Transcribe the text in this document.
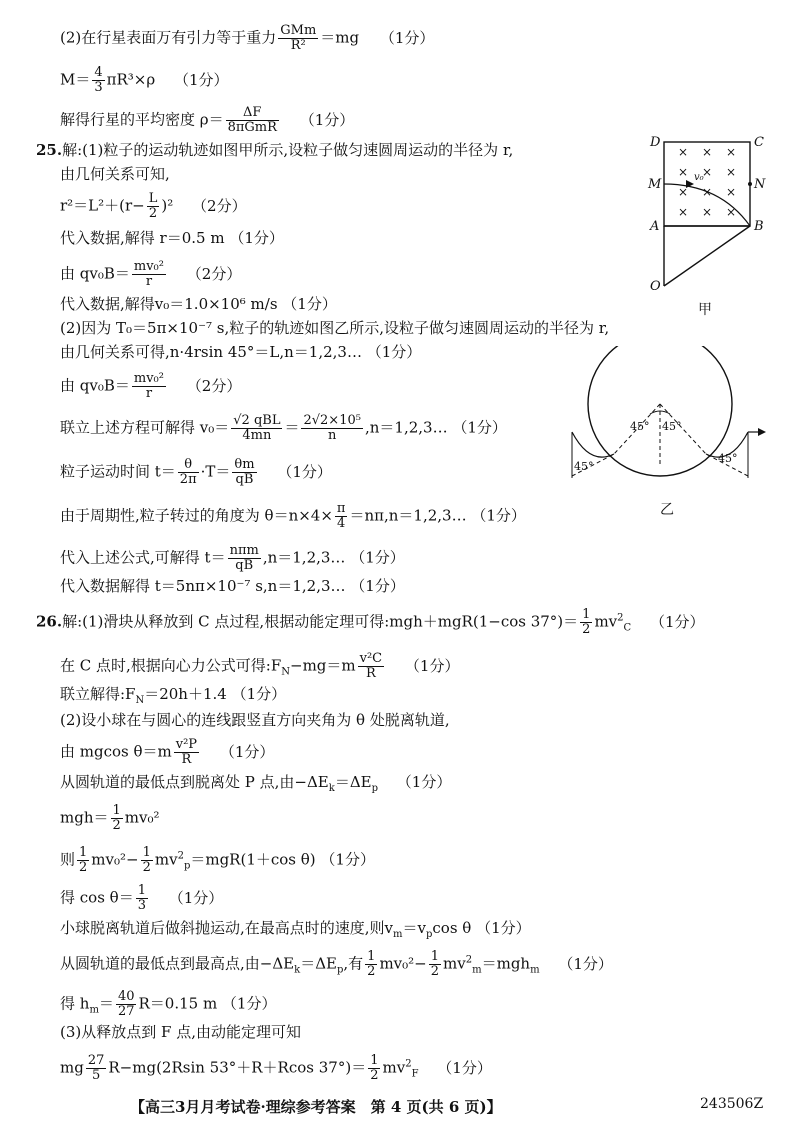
(2)在行星表面万有引力等于重力 $\frac{\text{GMm}}{\text{R²}} =mg$ （1分）
$M= \frac{4}{3} \pi R^3\times\rho$ （1分）
解得行星的平均密度 $\rho= \frac{\Delta F}{\text{8πGmR}} (1$分）
25.解:(1)粒子的运动轨迹如图甲所示,设粒子做匀速圆周运动的半径为 r,
由几何关系可知,
$r^2=L^2+(r- \frac{L}{2} )^2$ （2分）
代入数据,解得 r＝0.5 m （1分）
由 $qv_0B= \frac{\text{mv₀²}}{r} (2$分）
代入数据,解得v₀＝1.0×10⁶ m/s （1分）
(2)因为 T₀＝5π×10⁻⁷ s,粒子的轨迹如图乙所示,设粒子做匀速圆周运动的半径为 r,
由几何关系可得,n·4rsin 45°＝L,n＝1,2,3… （1分）
由 $qv_0B= \frac{\text{mv₀²}}{r} (2$分）
联立上述方程可解得 $v_0= \frac{\text{√2 qBL}}{4mn} = \frac{\text{2√2×10⁵}}{n}$ ,n＝1,2,3… （1分）
粒子运动时间 $t= \frac{\theta}{2\pi} \cdot T= \frac{\theta m}{qB} (1$分）
由于周期性,粒子转过的角度为 $\theta=n\times 4\times \frac{\pi}{4}$ ＝nπ,n＝1,2,3… （1分）
代入上述公式,可解得 $t= \frac{\text{nπm}}{qB}$ ,n＝1,2,3… （1分）
代入数据解得 t＝5nπ×10⁻⁷ s,n＝1,2,3… （1分）
26.解:(1)滑块从释放到 C 点过程,根据动能定理可得:mgh＋mgR(1−cos $37^\circ)= \frac{1}{2} mv^2_C$ （1分）
在 C 点时,根据向心力公式可得$:F_N-mg=m \frac{\text{v²C}}{R} (1$分）
联立解得$:F_N=20h+1.4$ （1分）
(2)设小球在与圆心的连线跟竖直方向夹角为 θ 处脱离轨道,
由 mgcos $\theta=m \frac{\text{v²P}}{R} (1$分）
从圆轨道的最低点到脱离处 P 点,由$-\Delta E_k=\Delta E_p$ （1分）
$mgh= \frac{1}{2} mv_0^2$
则 $\frac{1}{2} mv_0^2- \frac{1}{2} mv^2_p=mgR(1+\cos$ θ) （1分）
得 $\cos \theta= \frac{1}{3} (1$分）
小球脱离轨道后做斜抛运动,在最高点时的速度,则$v_m=v_p\cos$ θ （1分）
从圆轨道的最低点到最高点,由$-\Delta E_k=\Delta E_p$,有 $\frac{1}{2} mv_0^2- \frac{1}{2} mv^2_m=mgh_m$ （1分）
得 $h_m= \frac{40}{27} R=0.15$ m （1分）
(3)从释放点到 F 点,由动能定理可知
mg $\frac{27}{5} R-mg(2Rsin$ 53°＋R＋Rcos $37^\circ)= \frac{1}{2} mv^2_F$ （1分）
× × ×
× × ×
× × ×
× × ×
D	C
M	N
A	B
O
v₀
甲
45° 45°
45°
45°
乙
【高三3月月考试卷·理综参考答案　第 4 页(共 6 页)】	243506Z
